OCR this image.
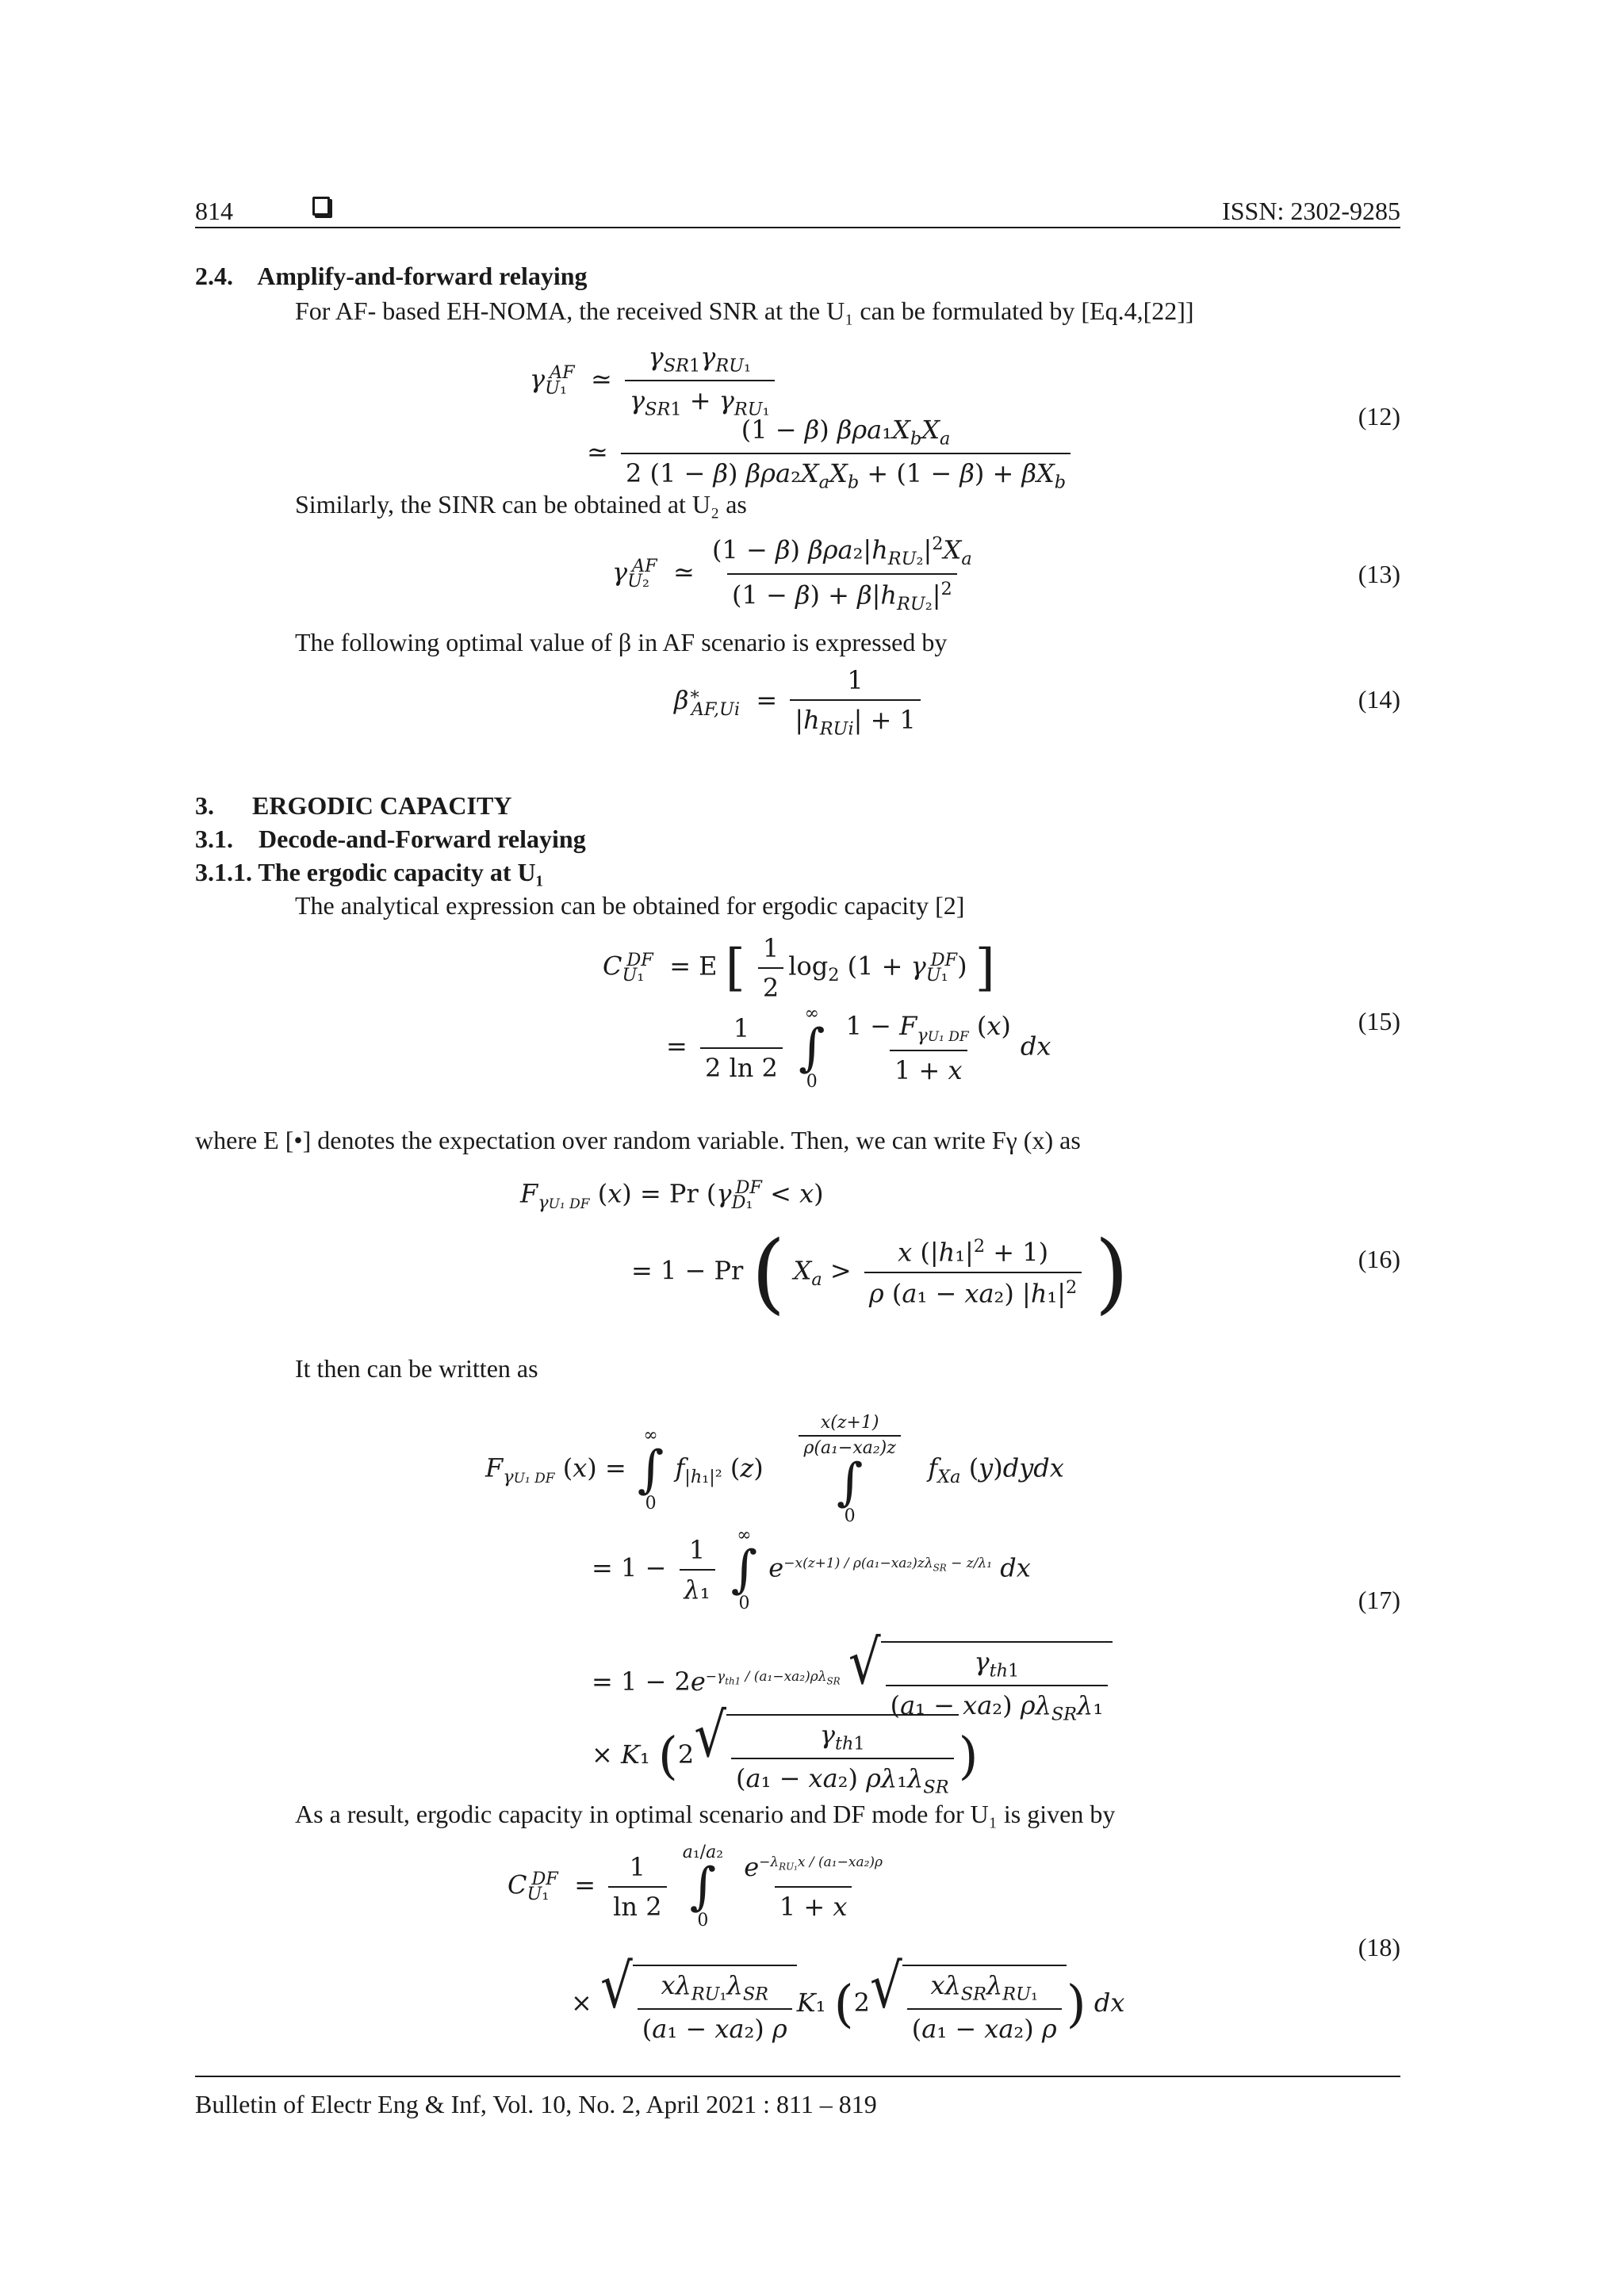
814	ISSN: 2302-9285
2.4.    Amplify-and-forward relaying
For AF- based EH-NOMA, the received SNR at the U₁ can be formulated by [Eq.4,[22]]
$\gamma_{U_1}^{AF}$  ≃ $\frac{\gamma_{SR1}\gamma_{RU_1}}{\gamma_{SR1} + \gamma_{RU_1}}$
≃ $\frac{(1 - \beta) \beta\rho a_1X_bX_a}{2 (1 - \beta) \beta\rho a_2X_aX_b + (1 - \beta) + \beta X_b}$	(12)
Similarly, the SINR can be obtained at U₂ as
$\gamma_{U_2}^{AF}$  ≃ $\frac{(1 - \beta) \beta\rho a_2|h_{RU_2}|^2X_a}{(1 - \beta) + \beta|h_{RU_2}|^2}$	(13)
The following optimal value of β in AF scenario is expressed by
$\beta^∗_{AF,Ui} = \frac{1}{|h_{RUi}| + 1}$	(14)
3.      ERGODIC CAPACITY
3.1.    Decode-and-Forward relaying
3.1.1. The ergodic capacity at U₁
The analytical expression can be obtained for ergodic capacity [2]
$C_{U_1}^{DF} = E$ [ $\frac{1}{2} \log_2 (1 + \gamma_{U_1}^{DF})$ ]
= $\frac{1}{2 \ln 2}$
∞
∫
0
$\frac{1 - F_{\gamma U_1 DF} (x)}{1 + x}$ dx
(15)
where E [•] denotes the expectation over random variable. Then, we can write Fγ (x) as
$F_{\gamma U_1 DF}$ (x) = Pr $(\gamma_{D_1}^{DF} < x)$
= 1 − Pr ( $X_a > \frac{x (|h_1|^2 + 1)}{\rho (a_1 - xa_2) |h_1|^2}$ )	(16)
It then can be written as
$F_{\gamma U_1 DF}$ (x) =
∞
∫
0
$f_{|h_1|^2}$ (z)
$\frac{x(z+1)}{\text{ρ(a₁−xa₂)z}}$
∫
0
$f_{Xa}$ (y)dydx
= $1 - \frac{1}{\text{λ₁}}$
∞
∫
0
$e^{-x(z+1) / \rho(a_1-xa_2)z\lambda_{SR} - z/\lambda_1}$ dx
= $1 - 2e^{-\gamma_{th1} / (a_1-xa_2)\rho\lambda_{SR}}$ √ $\frac{\gamma_{th1}}{(a_1 - xa_2) \rho\lambda_{SR}\lambda_1}$
× K₁ (2 √ $\frac{\gamma_{th1}}{(a_1 - xa_2) \rho\lambda_1\lambda_{SR}}$ )
(17)
As a result, ergodic capacity in optimal scenario and DF mode for U₁ is given by
$C_{U_1}^{DF} = \frac{1}{\ln 2}$
a₁/a₂
∫
0
$\frac{e^{-\lambda_{RU_1}x / (a_1-xa_2)\rho}}{1 + x}$
× √ $\frac{x\lambda_{RU_1}\lambda_{SR}}{\text{(a₁ − xa₂) ρ}} K_1$ (2 √ $\frac{x\lambda_{SR}\lambda_{RU_1}}{\text{(a₁ − xa₂) ρ}}$ ) dx
(18)
Bulletin of Electr Eng & Inf, Vol. 10, No. 2, April 2021 : 811 – 819
